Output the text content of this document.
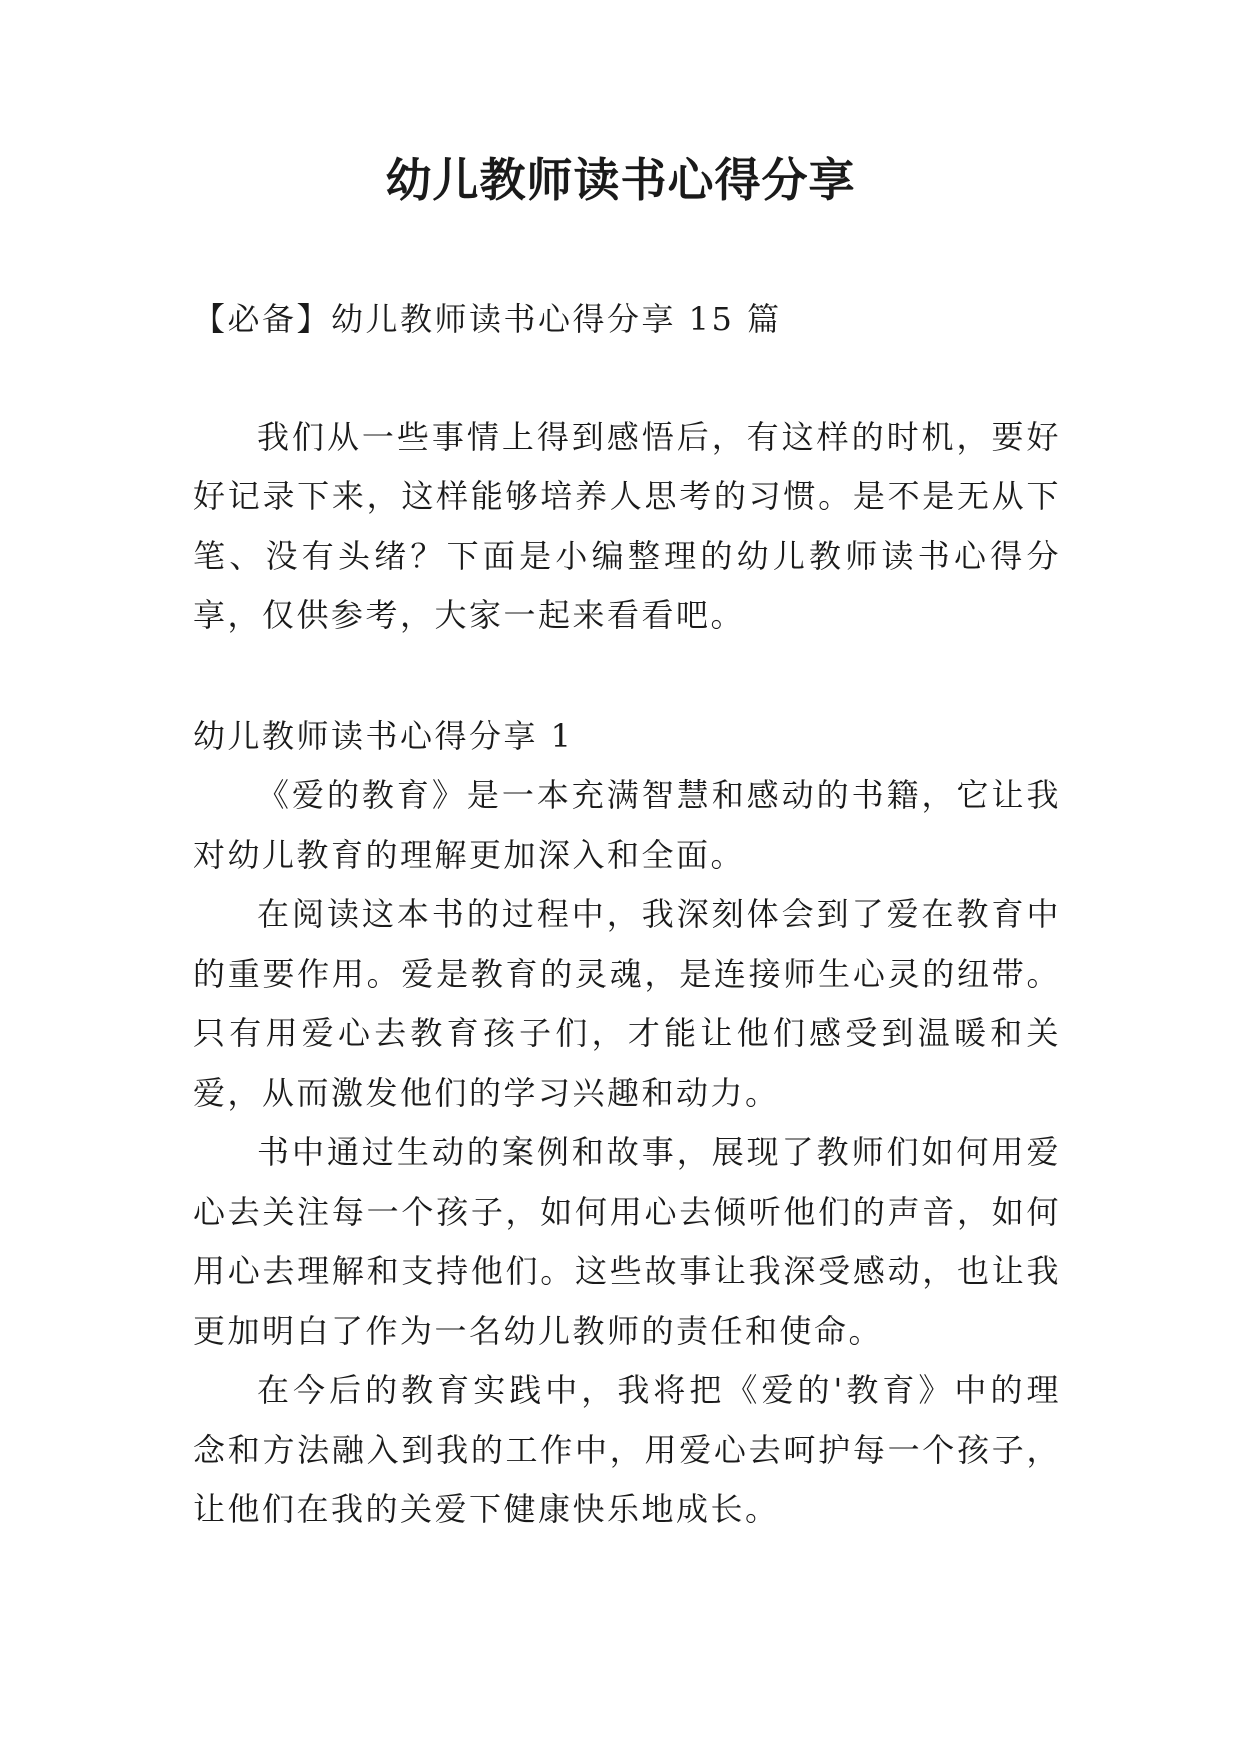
幼儿教师读书心得分享

【必备】幼儿教师读书心得分享 15 篇

我们从一些事情上得到感悟后，有这样的时机，要好好记录下来，这样能够培养人思考的习惯。是不是无从下笔、没有头绪？下面是小编整理的幼儿教师读书心得分享，仅供参考，大家一起来看看吧。

幼儿教师读书心得分享 1

《爱的教育》是一本充满智慧和感动的书籍，它让我对幼儿教育的理解更加深入和全面。

在阅读这本书的过程中，我深刻体会到了爱在教育中的重要作用。爱是教育的灵魂，是连接师生心灵的纽带。只有用爱心去教育孩子们，才能让他们感受到温暖和关爱，从而激发他们的学习兴趣和动力。

书中通过生动的案例和故事，展现了教师们如何用爱心去关注每一个孩子，如何用心去倾听他们的声音，如何用心去理解和支持他们。这些故事让我深受感动，也让我更加明白了作为一名幼儿教师的责任和使命。

在今后的教育实践中，我将把《爱的'教育》中的理念和方法融入到我的工作中，用爱心去呵护每一个孩子，让他们在我的关爱下健康快乐地成长。
